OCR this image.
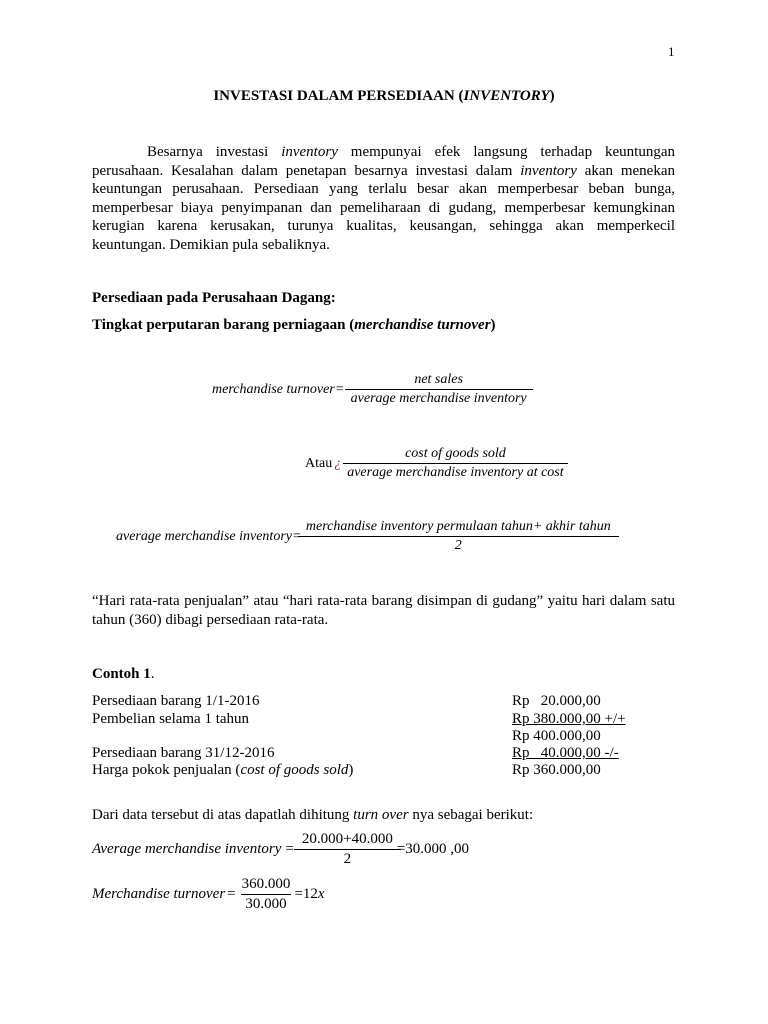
1
INVESTASI DALAM PERSEDIAAN (INVENTORY)
Besarnya investasi inventory mempunyai efek langsung terhadap keuntungan perusahaan. Kesalahan dalam penetapan besarnya investasi dalam inventory akan menekan keuntungan perusahaan. Persediaan yang terlalu besar akan memperbesar beban bunga, memperbesar biaya penyimpanan dan pemeliharaan di gudang, memperbesar kemungkinan kerugian karena kerusakan, turunya kualitas, keusangan, sehingga akan memperkecil keuntungan. Demikian pula sebaliknya.
Persediaan pada Perusahaan Dagang:
Tingkat perputaran barang perniagaan (merchandise turnover)
merchandise turnover = $\frac{\text{net sales}}{\text{average merchandise inventory}}$
Atau ¿ $\frac{\text{cost of goods sold}}{\text{average merchandise inventory at cost}}$
average merchandise inventory = $\frac{\text{merchandise inventory permulaan tahun+ akhir tahun}}{2}$
“Hari rata-rata penjualan” atau “hari rata-rata barang disimpan di gudang” yaitu hari dalam satu tahun (360) dibagi persediaan rata-rata.
Contoh 1.
Persediaan barang 1/1-2016	Rp   20.000,00
Pembelian selama 1 tahun	Rp 380.000,00 +/+
Rp 400.000,00
Persediaan barang 31/12-2016	Rp   40.000,00 -/-
Harga pokok penjualan (cost of goods sold)	Rp 360.000,00
Dari data tersebut di atas dapatlah dihitung turn over nya sebagai berikut:
Average merchandise inventory = $\frac{20.000+40.000}{2} =30.000$ ,00
Merchandise turnover = $\frac{360.000}{30.000} =12$ x
